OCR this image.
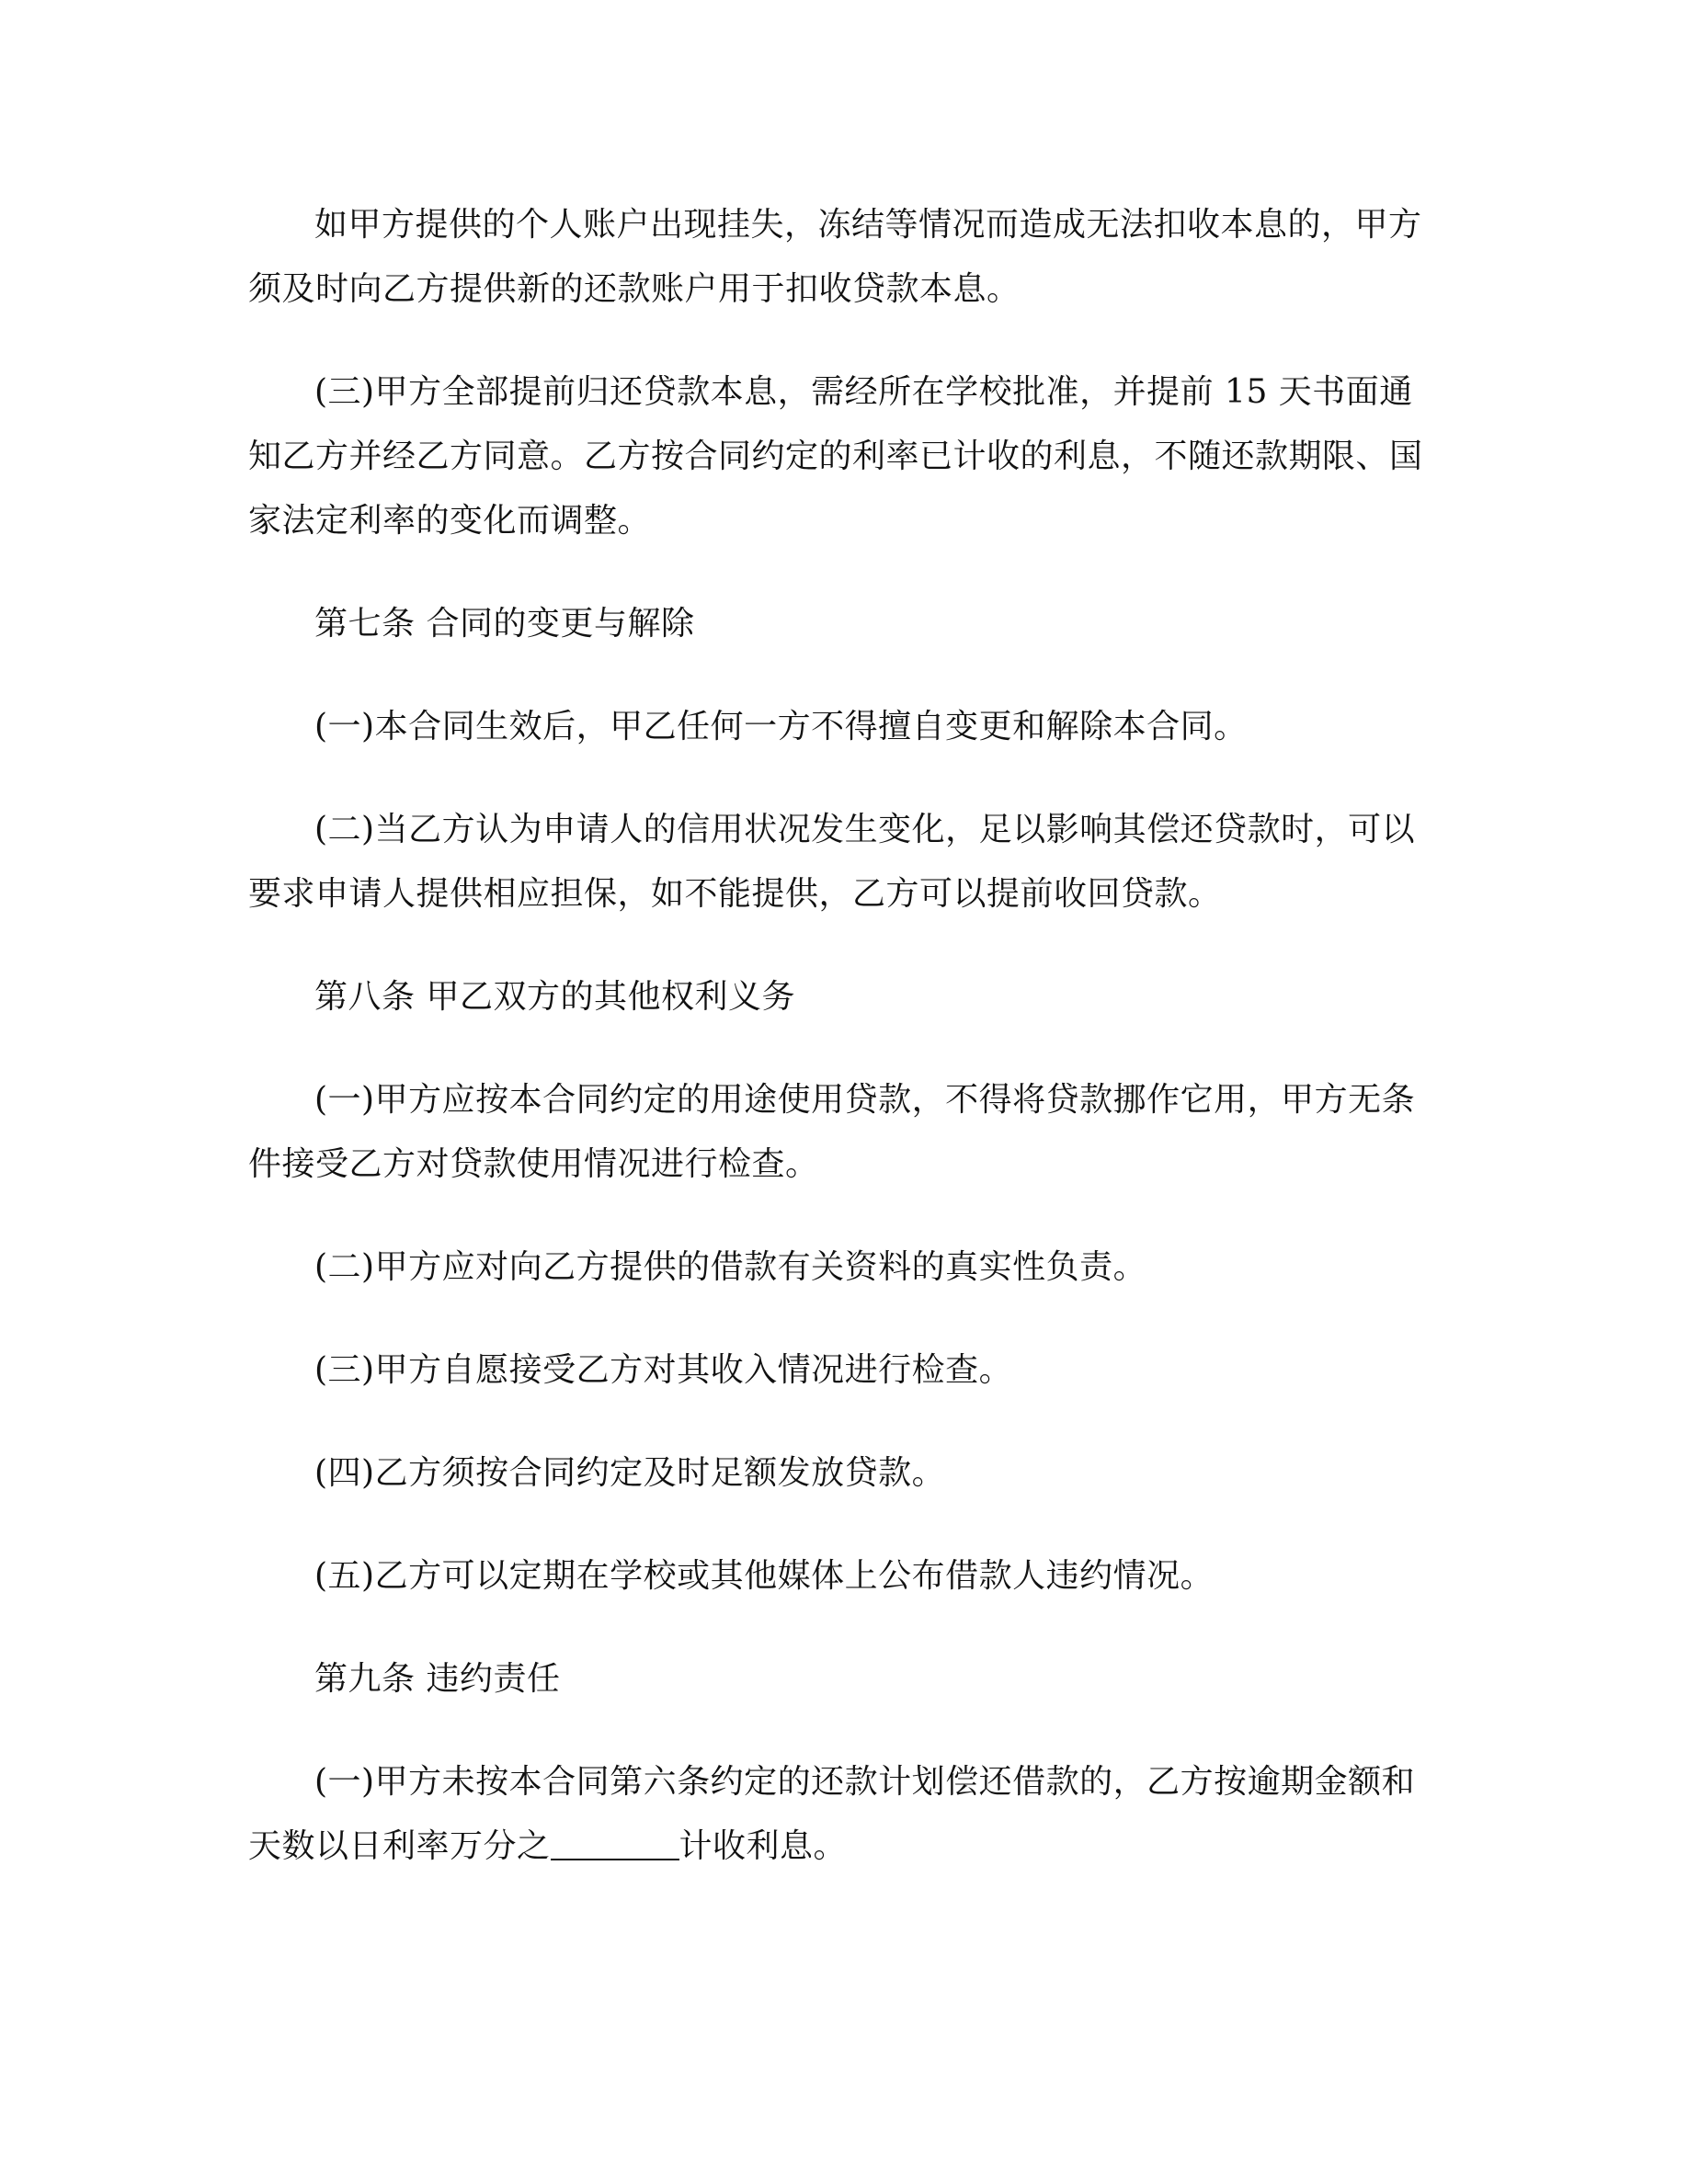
如甲方提供的个人账户出现挂失，冻结等情况而造成无法扣收本息的，甲方须及时向乙方提供新的还款账户用于扣收贷款本息。

(三)甲方全部提前归还贷款本息，需经所在学校批准，并提前 15 天书面通知乙方并经乙方同意。乙方按合同约定的利率已计收的利息，不随还款期限、国家法定利率的变化而调整。

第七条 合同的变更与解除

(一)本合同生效后，甲乙任何一方不得擅自变更和解除本合同。

(二)当乙方认为申请人的信用状况发生变化，足以影响其偿还贷款时，可以要求申请人提供相应担保，如不能提供，乙方可以提前收回贷款。

第八条 甲乙双方的其他权利义务

(一)甲方应按本合同约定的用途使用贷款，不得将贷款挪作它用，甲方无条件接受乙方对贷款使用情况进行检查。

(二)甲方应对向乙方提供的借款有关资料的真实性负责。

(三)甲方自愿接受乙方对其收入情况进行检查。

(四)乙方须按合同约定及时足额发放贷款。

(五)乙方可以定期在学校或其他媒体上公布借款人违约情况。

第九条 违约责任

(一)甲方未按本合同第六条约定的还款计划偿还借款的，乙方按逾期金额和天数以日利率万分之	计收利息。
